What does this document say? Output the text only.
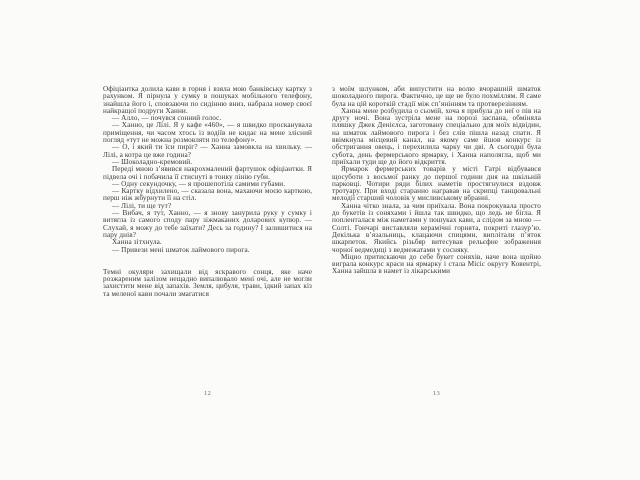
Офіціантка долила кави в горня і взяла мою банківську картку з рахунком. Я пірнула у сумку в пошуках мобільного телефону, знайшла його і, сповзаючи по сидінню вниз, набрала номер своєї найкращої подруги Ханни.

— Алло, — почувся сонний голос.

— Ханно, це Лілі. Я у кафе «460», — я швидко просканувала приміщення, чи часом хтось із водіїв не кидає на мене злісний погляд «тут не можна розмовляти по телефону».

— О, і який ти їси пиріг? — Ханна замовкла на хвильку. — Лілі, а котра це вже година?

— Шоколадно-кремовий.

Переді мною з’явився накрохмалений фартушок офіціантки. Я підвела очі і побачила її стиснуті в тонку лінію губи.

— Одну секундочку, — я прошепотіла самими губами.

— Картку відхилено, — сказала вона, махаючи моєю карткою, перш ніж жбурнути її на стіл.

— Лілі, ти ще тут?

— Вибач, я тут, Ханно, — я знову занурила руку у сумку і витягла із самого споду пару зіжмаканих доларових купюр. — Слухай, я можу до тебе заїхати? Десь за годину? І залишитися на пару днів?

Ханна зітхнула.

— Привези мені шматок лаймового пирога.

Темні окуляри захищали від яскравого сонця, яке наче розжареним залізом нещадно випалювало мені очі, але не могли захистити мене від запахів. Земля, цибуля, трави, їдкий запах кіз та меленої кави почали змагатися

12

з моїм шлунком, аби випустити на волю вчорашній шматок шоколадного пирога. Фактично, це ще не було похміллям. Я саме була на цій короткій стадії між сп’янінням та протверезінням.

Ханна мене розбудила о сьомій, хоча я прибула до неї о пів на другу ночі. Вона зустріла мене на порозі заспана, обміняла пляшку Джек Денієлса, заготовану спеціально для моїх відвідин, на шматок лаймового пирога і без слів пішла назад спати. Я ввімкнула місцевий канал, на якому саме йшов конкурс із обстригання овець, і перехилила чарку чи дві. А сьогодні була субота, день фермерського ярмарку, і Ханна наполягла, щоб ми приїхали туди ще до його відкриття.

Ярмарок фермерських товарів у місті Гатрі відбувався щосуботи з восьмої ранку до першої години дня на шкільній парковці. Чотири ряди білих наметів простягнулися вздовж тротуару. При вході старанно награвав на скрипці танцювальні мелодії старший чоловік у мисливському вбранні.

Ханна чітко знала, за чим приїхала. Вона покрокувала просто до букетів із соняхами і йшла так швидко, що ледь не бігла. Я попленталася між наметами у пошуках кави, а слідом за мною — Солті. Гончарі виставляли керамічні горнята, покриті глазур’ю. Декілька в’язальниць, клацаючи спицями, виплітали п’яток шкарпеток. Якийсь різьбяр витесував рельєфне зображення чорної ведмедиці з ведмежатами у сосняку.

Міцно притискаючи до себе букет соняхів, наче вона щойно виграла конкурс краси на ярмарку і стала Місіс округу Ковентрі, Ханна зайшла в намет із лікарськими

13
